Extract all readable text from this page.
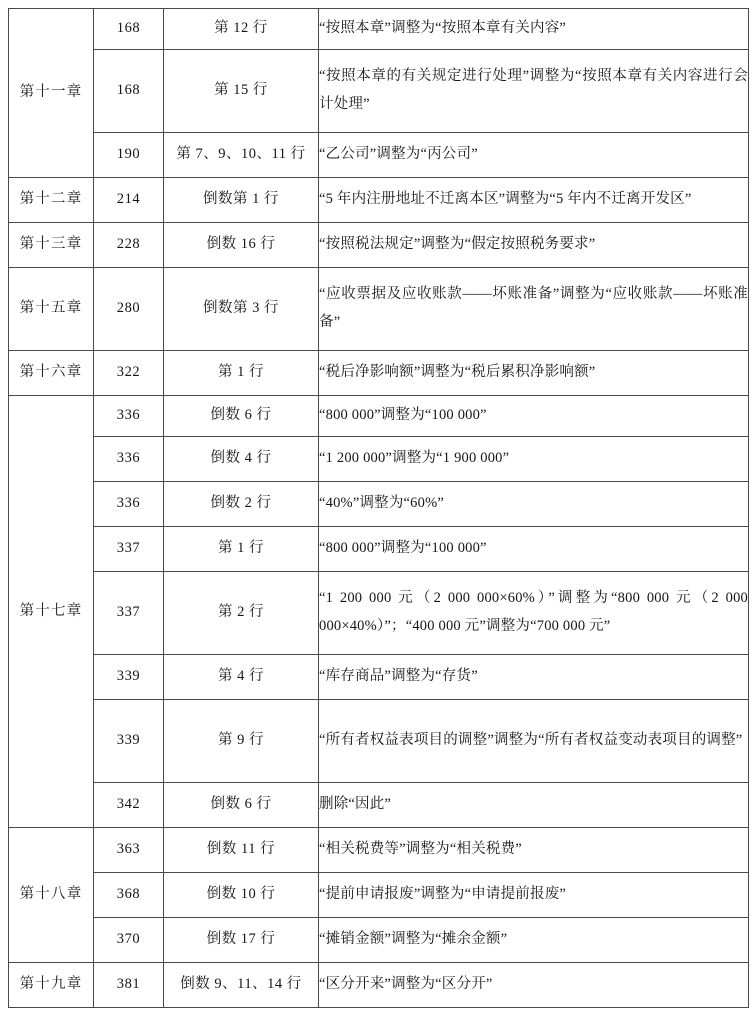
第十一章	168	第 12 行	“按照本章”调整为“按照本章有关内容”

	168	第 15 行	“按照本章的有关规定进行处理”调整为“按照本章有关内容进行会计处理”

	190	第 7、9、10、11 行	“乙公司”调整为“丙公司”

第十二章	214	倒数第 1 行	“5 年内注册地址不迁离本区”调整为“5 年内不迁离开发区”

第十三章	228	倒数 16 行	“按照税法规定”调整为“假定按照税务要求”

第十五章	280	倒数第 3 行	“应收票据及应收账款——坏账准备”调整为“应收账款——坏账准备”

第十六章	322	第 1 行	“税后净影响额”调整为“税后累积净影响额”

第十七章	336	倒数 6 行	“800 000”调整为“100 000”

	336	倒数 4 行	“1 200 000”调整为“1 900 000”

	336	倒数 2 行	“40%”调整为“60%”

	337	第 1 行	“800 000”调整为“100 000”

	337	第 2 行	“1 200 000 元（2 000 000×60%）”调整为“800 000 元（2 000 000×40%）”；“400 000 元”调整为“700 000 元”

	339	第 4 行	“库存商品”调整为“存货”

	339	第 9 行	“所有者权益表项目的调整”调整为“所有者权益变动表项目的调整”

	342	倒数 6 行	删除“因此”

第十八章	363	倒数 11 行	“相关税费等”调整为“相关税费”

	368	倒数 10 行	“提前申请报废”调整为“申请提前报废”

	370	倒数 17 行	“摊销金额”调整为“摊余金额”

第十九章	381	倒数 9、11、14 行	“区分开来”调整为“区分开”
